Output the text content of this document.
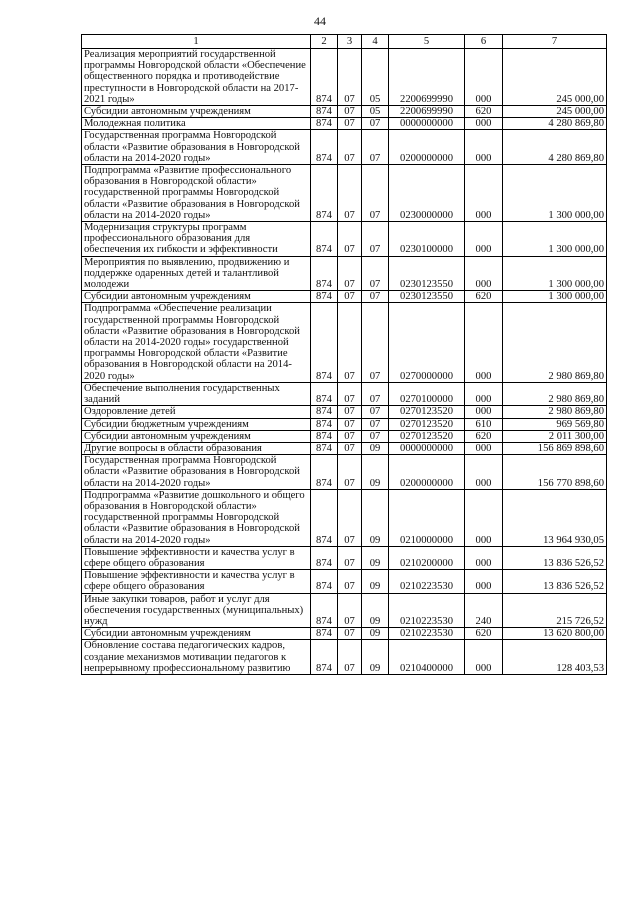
44
1	2	3	4	5	6	7
Реализация мероприятий государственной программы Новгородской области «Обеспечение общественного порядка и противодействие преступности в Новгородской области на 2017-2021 годы»	874	07	05	2200699990	000	245 000,00
Субсидии автономным учреждениям	874	07	05	2200699990	620	245 000,00
Молодежная политика	874	07	07	0000000000	000	4 280 869,80
Государственная программа Новгородской области «Развитие образования в Новгородской области на 2014-2020 годы»	874	07	07	0200000000	000	4 280 869,80
Подпрограмма «Развитие профессионального образования в Новгородской области» государственной программы Новгородской области «Развитие образования в Новгородской области на 2014-2020 годы»	874	07	07	0230000000	000	1 300 000,00
Модернизация структуры программ профессионального образования для обеспечения их гибкости и эффективности	874	07	07	0230100000	000	1 300 000,00
Мероприятия по выявлению, продвижению и поддержке одаренных детей и талантливой молодежи	874	07	07	0230123550	000	1 300 000,00
Субсидии автономным учреждениям	874	07	07	0230123550	620	1 300 000,00
Подпрограмма «Обеспечение реализации государственной программы Новгородской области «Развитие образования в Новгородской области на 2014-2020 годы» государственной программы Новгородской области «Развитие образования в Новгородской области на 2014-2020 годы»	874	07	07	0270000000	000	2 980 869,80
Обеспечение выполнения государственных заданий	874	07	07	0270100000	000	2 980 869,80
Оздоровление детей	874	07	07	0270123520	000	2 980 869,80
Субсидии бюджетным учреждениям	874	07	07	0270123520	610	969 569,80
Субсидии автономным учреждениям	874	07	07	0270123520	620	2 011 300,00
Другие вопросы в области образования	874	07	09	0000000000	000	156 869 898,60
Государственная программа Новгородской области «Развитие образования в Новгородской области на 2014-2020 годы»	874	07	09	0200000000	000	156 770 898,60
Подпрограмма «Развитие дошкольного и общего образования в Новгородской области» государственной программы Новгородской области «Развитие образования в Новгородской области на 2014-2020 годы»	874	07	09	0210000000	000	13 964 930,05
Повышение эффективности и качества услуг в сфере общего образования	874	07	09	0210200000	000	13 836 526,52
Повышение эффективности и качества услуг в сфере общего образования	874	07	09	0210223530	000	13 836 526,52
Иные закупки товаров, работ и услуг для обеспечения государственных (муниципальных) нужд	874	07	09	0210223530	240	215 726,52
Субсидии автономным учреждениям	874	07	09	0210223530	620	13 620 800,00
Обновление состава педагогических кадров, создание механизмов мотивации педагогов к непрерывному профессиональному развитию	874	07	09	0210400000	000	128 403,53
